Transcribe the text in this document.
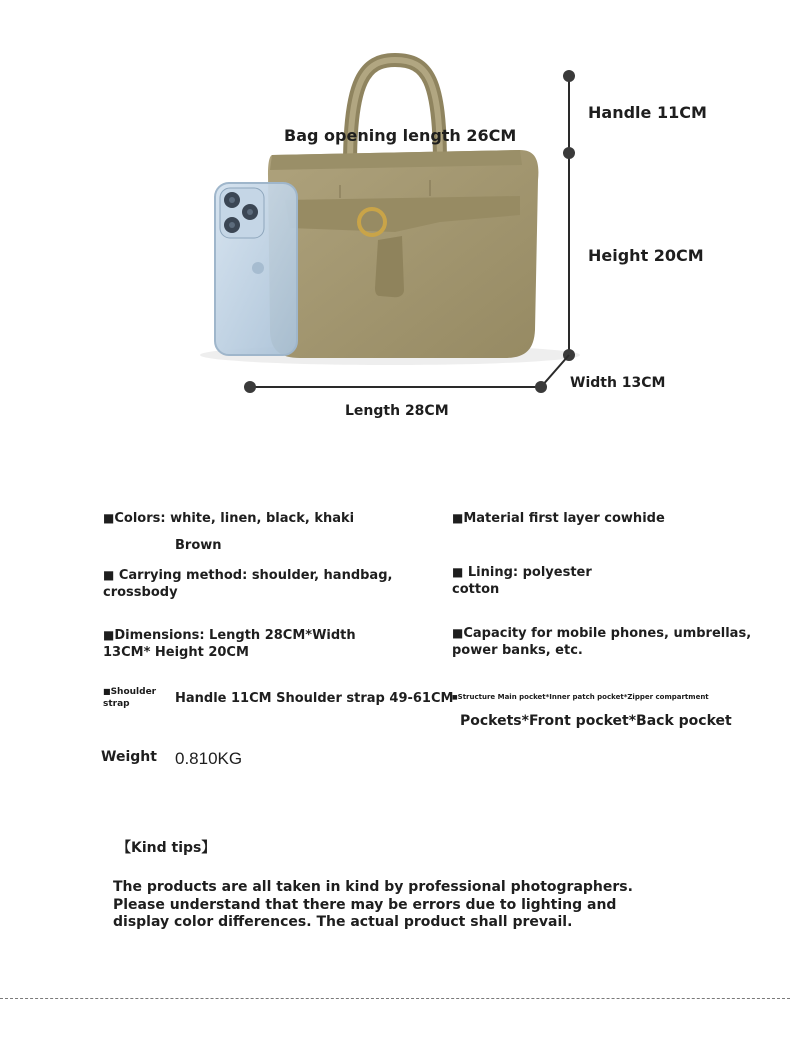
Handle 11CM
Bag opening length 26CM
Height 20CM
Width 13CM
Length 28CM
■Colors: white, linen, black, khaki
Brown
■ Carrying method: shoulder, handbag, crossbody
■Dimensions: Length 28CM*Width 13CM* Height 20CM
■Shoulder strap	Handle 11CM Shoulder strap 49-61CM
Weight 0.810KG
■Material first layer cowhide
■ Lining: polyester cotton
■Capacity for mobile phones, umbrellas, power banks, etc.
■Structure Main pocket*Inner patch pocket*Zipper compartment
Pockets*Front pocket*Back pocket
【Kind tips】
The products are all taken in kind by professional photographers. Please understand that there may be errors due to lighting and display color differences. The actual product shall prevail.
